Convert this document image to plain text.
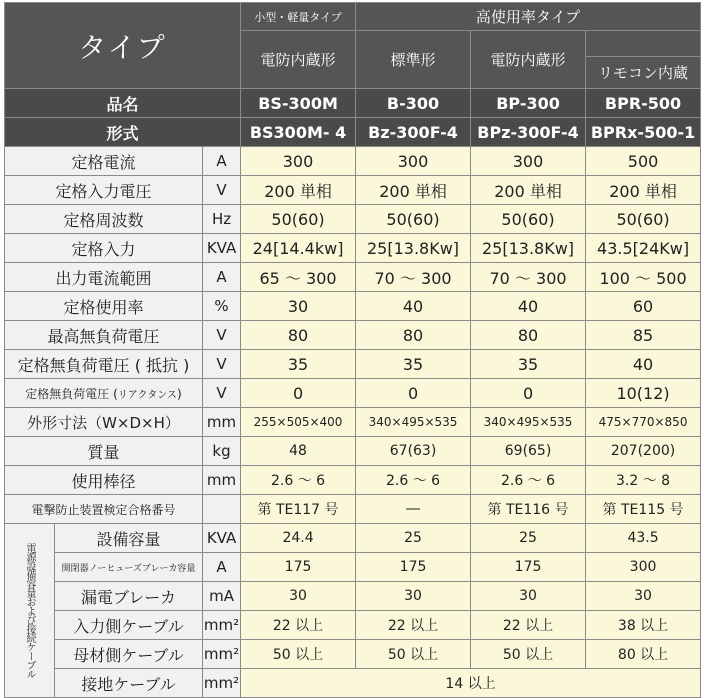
タイプ			小型・軽量タイプ	高使用率タイプ		
			電防内蔵形	標準形	電防内蔵形	
						リモコン内蔵
品名			BS-300M	B-300	BP-300	BPR-500
形式			BS300M- 4	Bz-300F-4	BPz-300F-4	BPRx-500-1
定格電流		A	300	300	300	500
定格入力電圧		V	200 単相	200 単相	200 単相	200 単相
定格周波数		Hz	50(60)	50(60)	50(60)	50(60)
定格入力		KVA	24[14.4kw]	25[13.8Kw]	25[13.8Kw]	43.5[24Kw]
出力電流範囲		A	65 ～ 300	70 ～ 300	70 ～ 300	100 ～ 500
定格使用率		%	30	40	40	60
最高無負荷電圧		V	80	80	80	85
定格無負荷電圧 ( 抵抗 )		V	35	35	35	40
定格無負荷電圧 (リアクタンス)		V	0	0	0	10(12)
外形寸法（W×D×H）		mm	255×505×400	340×495×535	340×495×535	475×770×850
質量		kg	48	67(63)	69(65)	207(200)
使用棒径		mm	2.6 ～ 6	2.6 ～ 6	2.6 ～ 6	3.2 ～ 8
電撃防止装置検定合格番号			第 TE117 号	―	第 TE116 号	第 TE115 号
電源設備容量および接続ケーブル	設備容量	KVA	24.4	25	25	43.5
	開閉器ノーヒューズブレーカ容量	A	175	175	175	300
	漏電ブレーカ	mA	30	30	30	30
	入力側ケーブル	mm²	22 以上	22 以上	22 以上	38 以上
	母材側ケーブル	mm²	50 以上	50 以上	50 以上	80 以上
	接地ケーブル	mm²	14 以上			
